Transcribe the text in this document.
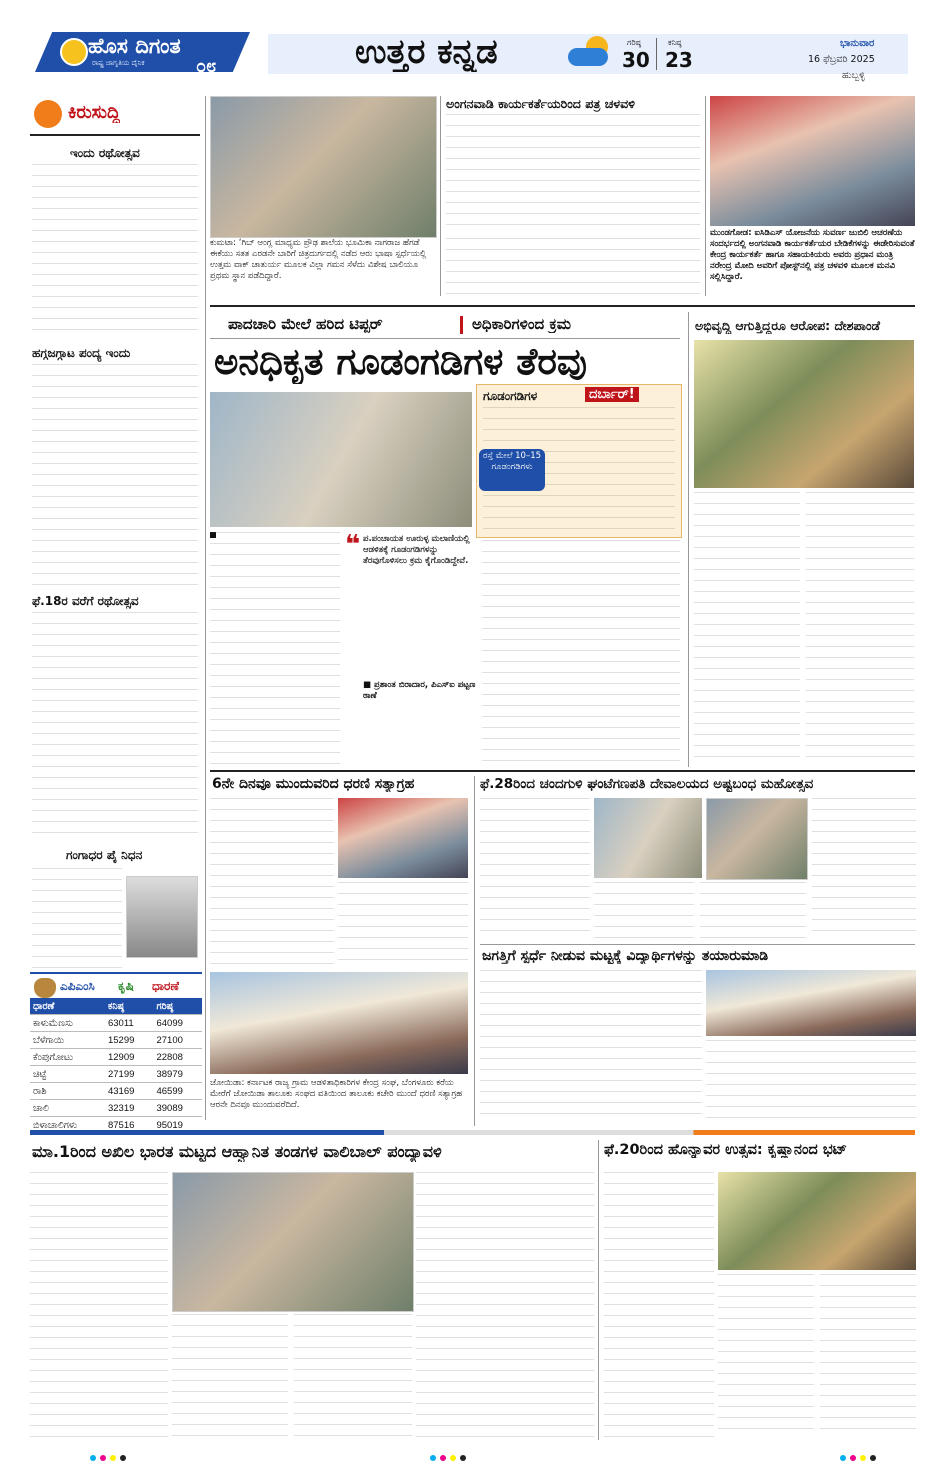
ಹೊಸ ದಿಗಂತ
ರಾಷ್ಟ್ರ ಜಾಗೃತಿಯ ದೈನಿಕ	೦೮	ಉತ್ತರ ಕನ್ನಡ	ಗರಿಷ್ಠ
30
ಕನಿಷ್ಠ
23
ಭಾನುವಾರ
16 ಫೆಬ್ರವರಿ 2025
ಹುಬ್ಬಳ್ಳಿ
ಕಿರುಸುದ್ದಿ
ಇಂದು ರಥೋತ್ಸವ
ಹಗ್ಗಜಗ್ಗಾಟ ಪಂದ್ಯ ಇಂದು
ಫೆ.18ರ ವರೆಗೆ ರಥೋತ್ಸವ
ಗಂಗಾಧರ ಪೈ ನಿಧನ
ಎಪಿಎಂಸಿ ಕೃಷಿ ಧಾರಣೆ
ಧಾರಣೆ	ಕನಿಷ್ಠ	ಗರಿಷ್ಠ
ಕಾಳುಮೆಣಸು	63011	64099
ಬೆಳೆಗಾಯಿ	15299	27100
ಕೆಂಪುಗೋಟು	12909	22808
ಚಿಟ್ಟೆ	27199	38979
ರಾಶಿ	43169	46599
ಚಾಲಿ	32319	39089
ಬಿಳಾಚಾಲಿಗಳು	87516	95019
ಕುಮಟಾ: ‘ಗಿಬ್ ಆಂಗ್ಲ ಮಾಧ್ಯಮ ಪ್ರೌಢ ಶಾಲೆಯ ಭೂಮಿಕಾ ನಾಗರಾಜ ಹೆಗಡೆ ಈಕೆಯು ಸತತ ಎರಡನೇ ಬಾರಿಗೆ ಚಿತ್ರದುರ್ಗದಲ್ಲಿ ನಡೆದ ಆರು ಭಾಷಾ ಸ್ಪರ್ಧೆಯಲ್ಲಿ ಉತ್ತಮ ವಾಕ್ ಚಾತುರ್ಯ ಮೂಲಕ ವಿಲ್ಲಾ ಗಮನ ಸೆಳೆದು ವಿಶೇಷ ಬಾಲಿಯೂ ಪ್ರಥಮ ಸ್ಥಾನ ಪಡೆದಿದ್ದಾರೆ.
ಅಂಗನವಾಡಿ ಕಾರ್ಯಕರ್ತೆಯರಿಂದ ಪತ್ರ ಚಳವಳಿ
ಮುಂಡಗೋಡ: ಐಸಿಡಿಎಸ್ ಯೋಜನೆಯ ಸುವರ್ಣ ಜುಬಿಲಿ ಆಚರಣೆಯ ಸಂದರ್ಭದಲ್ಲಿ ಅಂಗನವಾಡಿ ಕಾರ್ಯಕರ್ತೆಯರ ಬೇಡಿಕೆಗಳನ್ನು ಈಡೇರಿಸುವಂತೆ ಕೇಂದ್ರ ಕಾರ್ಯಕರ್ತೆ ಹಾಗೂ ಸಹಾಯಕಿಯರು ಅವರು ಪ್ರಧಾನ ಮಂತ್ರಿ ನರೇಂದ್ರ ಮೋದಿ ಅವರಿಗೆ ಪೋಸ್ಟ್‌ನಲ್ಲಿ ಪತ್ರ ಚಳವಳಿ ಮೂಲಕ ಮನವಿ ಸಲ್ಲಿಸಿದ್ದಾರೆ.
ಪಾದಚಾರಿ ಮೇಲೆ ಹರಿದ ಟಿಪ್ಪರ್	ಅಧಿಕಾರಿಗಳಿಂದ ಕ್ರಮ
ಅನಧಿಕೃತ ಗೂಡಂಗಡಿಗಳ ತೆರವು
ಗೂಡಂಗಡಿಗಳ	ದರ್ಬಾರ್!
ರಸ್ತೆ ಮೇಲೆ 10–15 ಗೂಡಂಗಡಿಗಳು
❝ ಪ.ಪಂಚಾಯತ ಊರುಳ್ಳ ಮಲಾಣಿಯಲ್ಲಿ ಆಡಳಿತಕ್ಕೆ ಗೂಡಂಗಡಿಗಳನ್ನು ತೆರವುಗೊಳಿಸಲು ಕ್ರಮ ಕೈಗೊಂಡಿದ್ದೇವೆ.
■ ಪ್ರಶಾಂತ ಬಿರಾದಾರ, ಪಿಎಸ್ಐ ಪಟ್ಟಣ ಠಾಣೆ
ಅಭಿವೃದ್ಧಿ ಆಗುತ್ತಿದ್ದರೂ ಆರೋಪ: ದೇಶಪಾಂಡೆ
6ನೇ ದಿನವೂ ಮುಂದುವರಿದ ಧರಣಿ ಸತ್ಯಾಗ್ರಹ
ಜೋಯಿಡಾ: ಕರ್ನಾಟಕ ರಾಜ್ಯ ಗ್ರಾಮ ಆಡಳಿತಾಧಿಕಾರಿಗಳ ಕೇಂದ್ರ ಸಂಘ, ಬೆಂಗಳೂರು ಕರೆಯ ಮೇರೆಗೆ ಜೋಯಿಡಾ ತಾಲೂಕು ಸಂಘದ ವತಿಯಿಂದ ತಾಲೂಕು ಕಚೇರಿ ಮುಂದೆ ಧರಣಿ ಸತ್ಯಾಗ್ರಹ ಆರನೇ ದಿನವೂ ಮುಂದುವರೆದಿದೆ.
ಫೆ.28ರಿಂದ ಚಂದಗುಳಿ ಘಂಟೆಗಣಪತಿ ದೇವಾಲಯದ ಅಷ್ಟಬಂಧ ಮಹೋತ್ಸವ
ಜಗತ್ತಿಗೆ ಸ್ಪರ್ಧೆ ನೀಡುವ ಮಟ್ಟಕ್ಕೆ ವಿದ್ಯಾರ್ಥಿಗಳನ್ನು ತಯಾರುಮಾಡಿ
ಮಾ.1ರಿಂದ ಅಖಿಲ ಭಾರತ ಮಟ್ಟದ ಆಹ್ವಾನಿತ ತಂಡಗಳ ವಾಲಿಬಾಲ್ ಪಂದ್ಯಾವಳಿ	ಫೆ.20ರಿಂದ ಹೊನ್ನಾವರ ಉತ್ಸವ: ಕೃಷ್ಣಾನಂದ ಭಟ್
